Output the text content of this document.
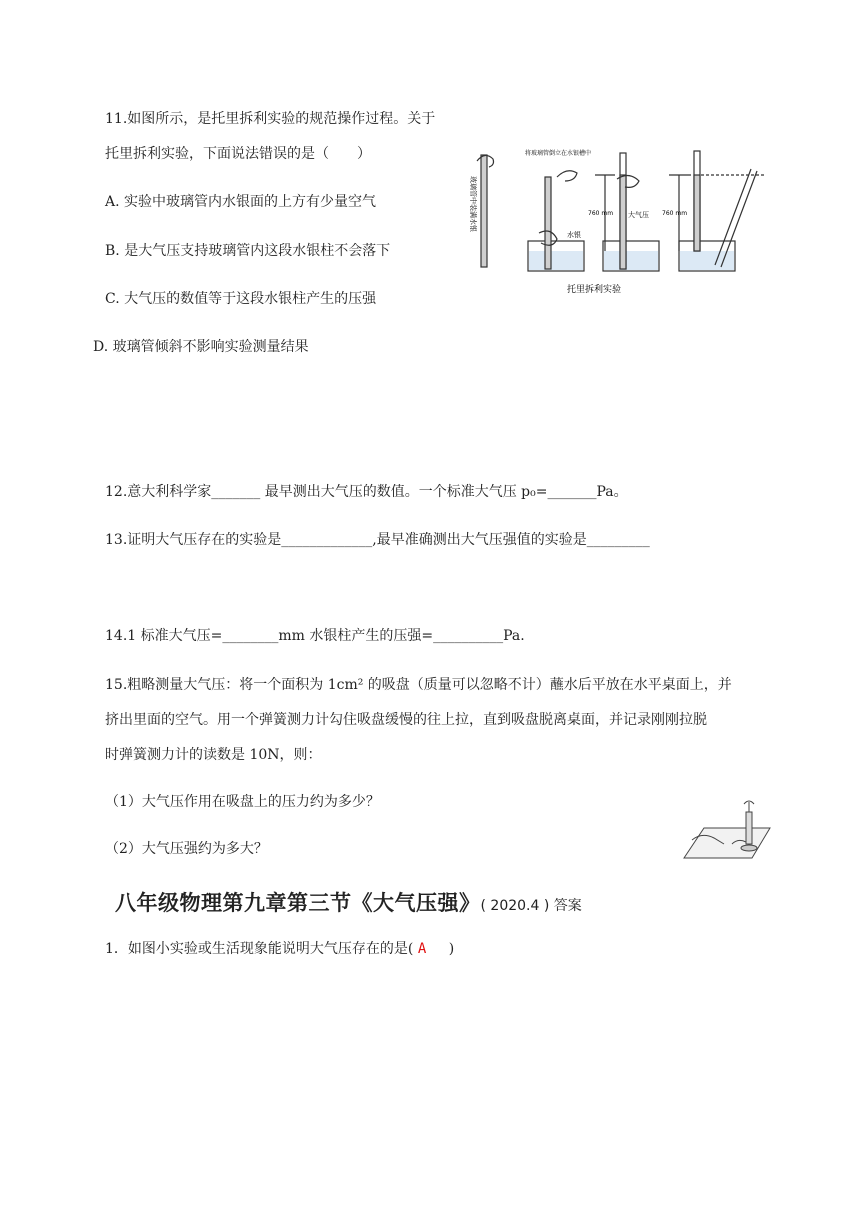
11.如图所示，是托里拆利实验的规范操作过程。关于
托里拆利实验，下面说法错误的是（　　）
A. 实验中玻璃管内水银面的上方有少量空气
B. 是大气压支持玻璃管内这段水银柱不会落下
C. 大气压的数值等于这段水银柱产生的压强
D. 玻璃管倾斜不影响实验测量结果
玻璃管中装满水银
将玻璃管倒立在水银槽中
水银
大气压
760 mm	760 mm
托里拆利实验
12.意大利科学家_______ 最早测出大气压的数值。一个标准大气压 p₀=_______Pa。
13.证明大气压存在的实验是_____________,最早准确测出大气压强值的实验是_________
14.1 标准大气压=________mm 水银柱产生的压强=__________Pa.
15.粗略测量大气压：将一个面积为 1cm² 的吸盘（质量可以忽略不计）蘸水后平放在水平桌面上，并
挤出里面的空气。用一个弹簧测力计勾住吸盘缓慢的往上拉，直到吸盘脱离桌面，并记录刚刚拉脱
时弹簧测力计的读数是 10N，则：
（1）大气压作用在吸盘上的压力约为多少？
（2）大气压强约为多大？
八年级物理第九章第三节《大气压强》( 2020.4 ) 答案
1．如图小实验或生活现象能说明大气压存在的是( A )
